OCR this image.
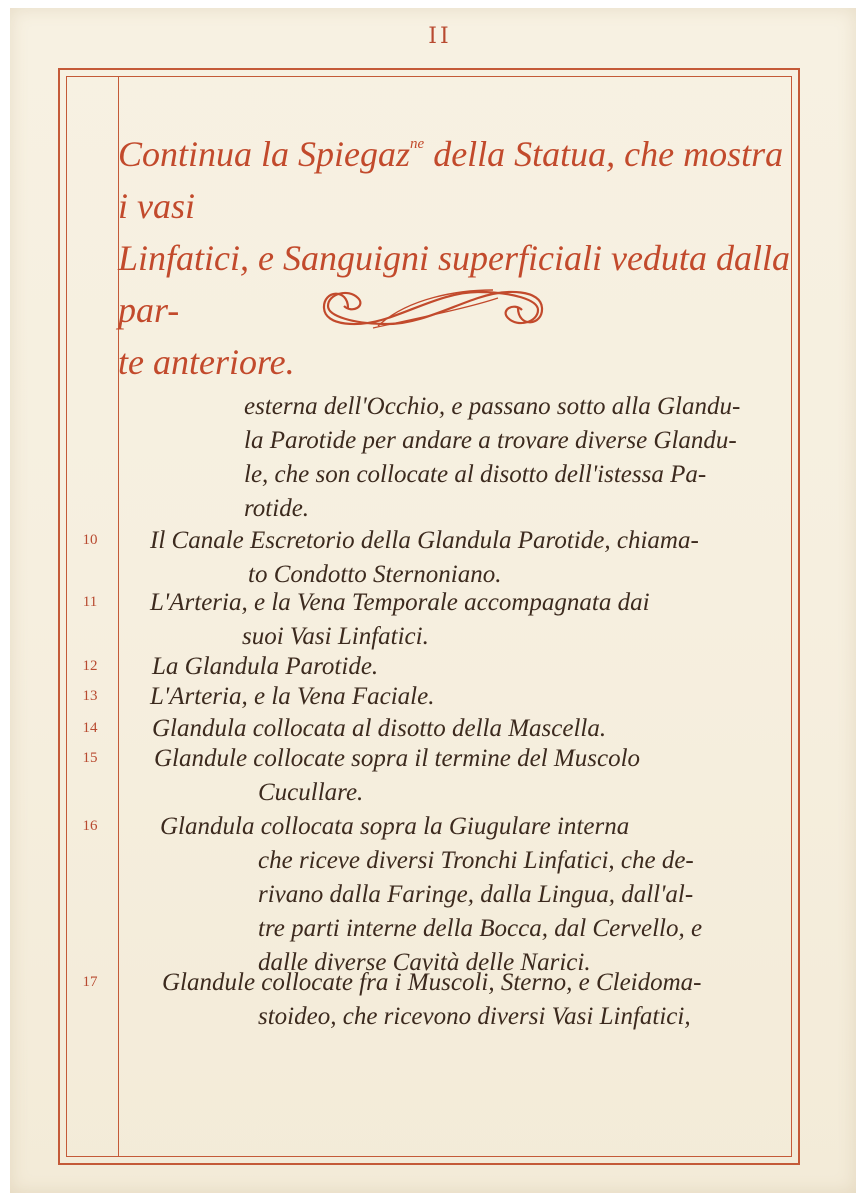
II
Continua la Spiegaz$^{ne}$ della Statua, che mostra i vasi
Linfatici, e Sanguigni superficiali veduta dalla par-
te anteriore.
esterna dell'Occhio, e passano sotto alla Glandu-
la Parotide per andare a trovare diverse Glandu-
le, che son collocate al disotto dell'istessa Pa-
rotide.
10	Il Canale Escretorio della Glandula Parotide, chiama-
to Condotto Sternoniano.
11	L'Arteria, e la Vena Temporale accompagnata dai
suoi Vasi Linfatici.
12	La Glandula Parotide.
13	L'Arteria, e la Vena Faciale.
14	Glandula collocata al disotto della Mascella.
15	Glandule collocate sopra il termine del Muscolo
Cucullare.
16	Glandula collocata sopra la Giugulare interna
che riceve diversi Tronchi Linfatici, che de-
rivano dalla Faringe, dalla Lingua, dall'al-
tre parti interne della Bocca, dal Cervello, e
dalle diverse Cavità delle Narici.
17	Glandule collocate fra i Muscoli, Sterno, e Cleidoma-
stoideo, che ricevono diversi Vasi Linfatici,
